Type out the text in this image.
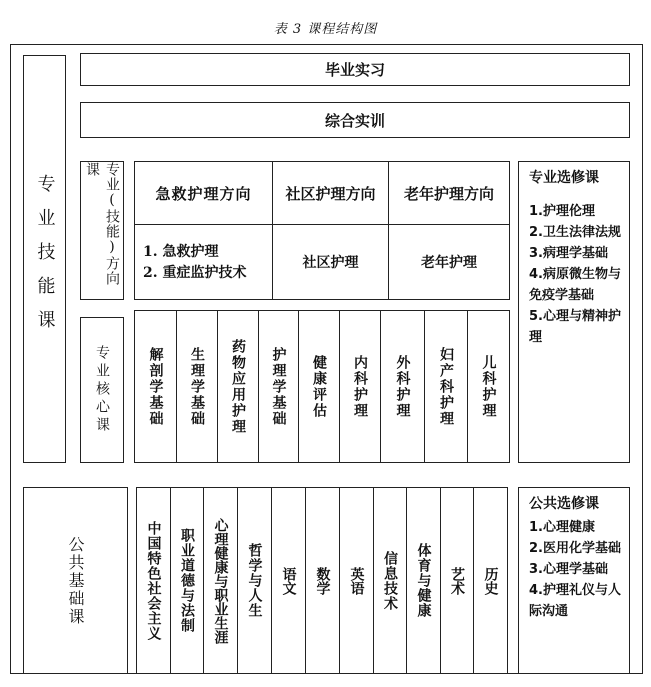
表 3 课程结构图
专业技能课
毕业实习
综合实训
专业(技能)方向课
急救护理方向 社区护理方向 老年护理方向
1. 急救护理
2. 重症监护技术
社区护理	老年护理
专业核心课	解剖学基础 生理学基础 药物应用护理 护理学基础 健康评估 内科护理 外科护理 妇产科护理 儿科护理
专业选修课
1.护理伦理
2.卫生法律法规
3.病理学基础
4.病原微生物与免疫学基础
5.心理与精神护理
公共基础课	中国特色社会主义 职业道德与法制 心理健康与职业生涯 哲学与人生 语文 数学 英语 信息技术 体育与健康 艺术 历史
公共选修课
1.心理健康
2.医用化学基础
3.心理学基础
4.护理礼仪与人际沟通
